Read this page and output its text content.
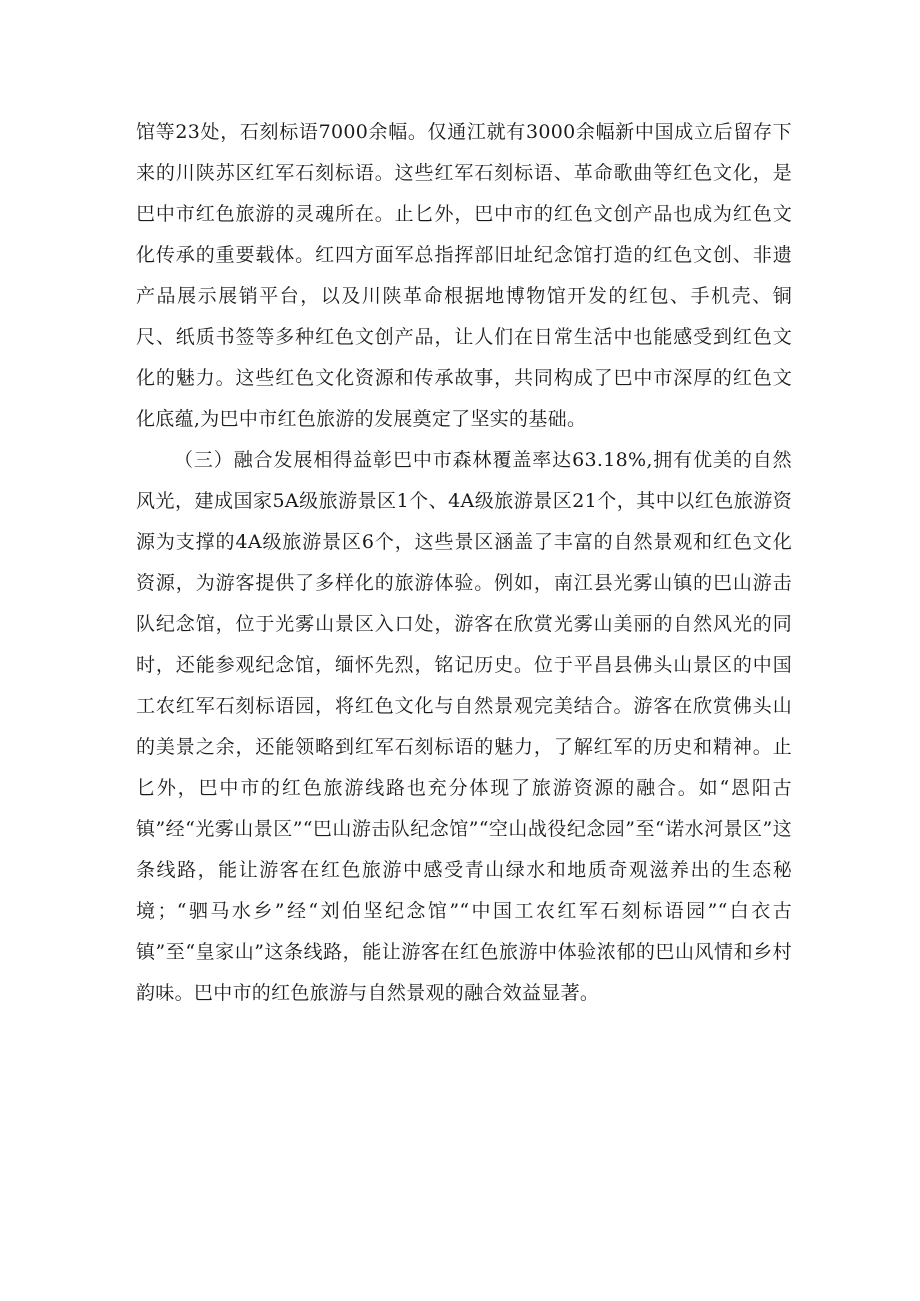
馆等23处，石刻标语7000余幅。仅通江就有3000余幅新中国成立后留存下来的川陕苏区红军石刻标语。这些红军石刻标语、革命歌曲等红色文化，是巴中市红色旅游的灵魂所在。止匕外，巴中市的红色文创产品也成为红色文化传承的重要载体。红四方面军总指挥部旧址纪念馆打造的红色文创、非遗产品展示展销平台，以及川陕革命根据地博物馆开发的红包、手机壳、铜尺、纸质书签等多种红色文创产品，让人们在日常生活中也能感受到红色文化的魅力。这些红色文化资源和传承故事，共同构成了巴中市深厚的红色文化底蕴,为巴中市红色旅游的发展奠定了坚实的基础。

（三）融合发展相得益彰巴中市森林覆盖率达63.18%,拥有优美的自然风光，建成国家5A级旅游景区1个、4A级旅游景区21个，其中以红色旅游资源为支撑的4A级旅游景区6个，这些景区涵盖了丰富的自然景观和红色文化资源，为游客提供了多样化的旅游体验。例如，南江县光雾山镇的巴山游击队纪念馆，位于光雾山景区入口处，游客在欣赏光雾山美丽的自然风光的同时，还能参观纪念馆，缅怀先烈，铭记历史。位于平昌县佛头山景区的中国工农红军石刻标语园，将红色文化与自然景观完美结合。游客在欣赏佛头山的美景之余，还能领略到红军石刻标语的魅力，了解红军的历史和精神。止匕外，巴中市的红色旅游线路也充分体现了旅游资源的融合。如“恩阳古镇”经“光雾山景区”“巴山游击队纪念馆”“空山战役纪念园”至“诺水河景区”这条线路，能让游客在红色旅游中感受青山绿水和地质奇观滋养出的生态秘境；“驷马水乡”经“刘伯坚纪念馆”“中国工农红军石刻标语园”“白衣古镇”至“皇家山”这条线路，能让游客在红色旅游中体验浓郁的巴山风情和乡村韵味。巴中市的红色旅游与自然景观的融合效益显著。
